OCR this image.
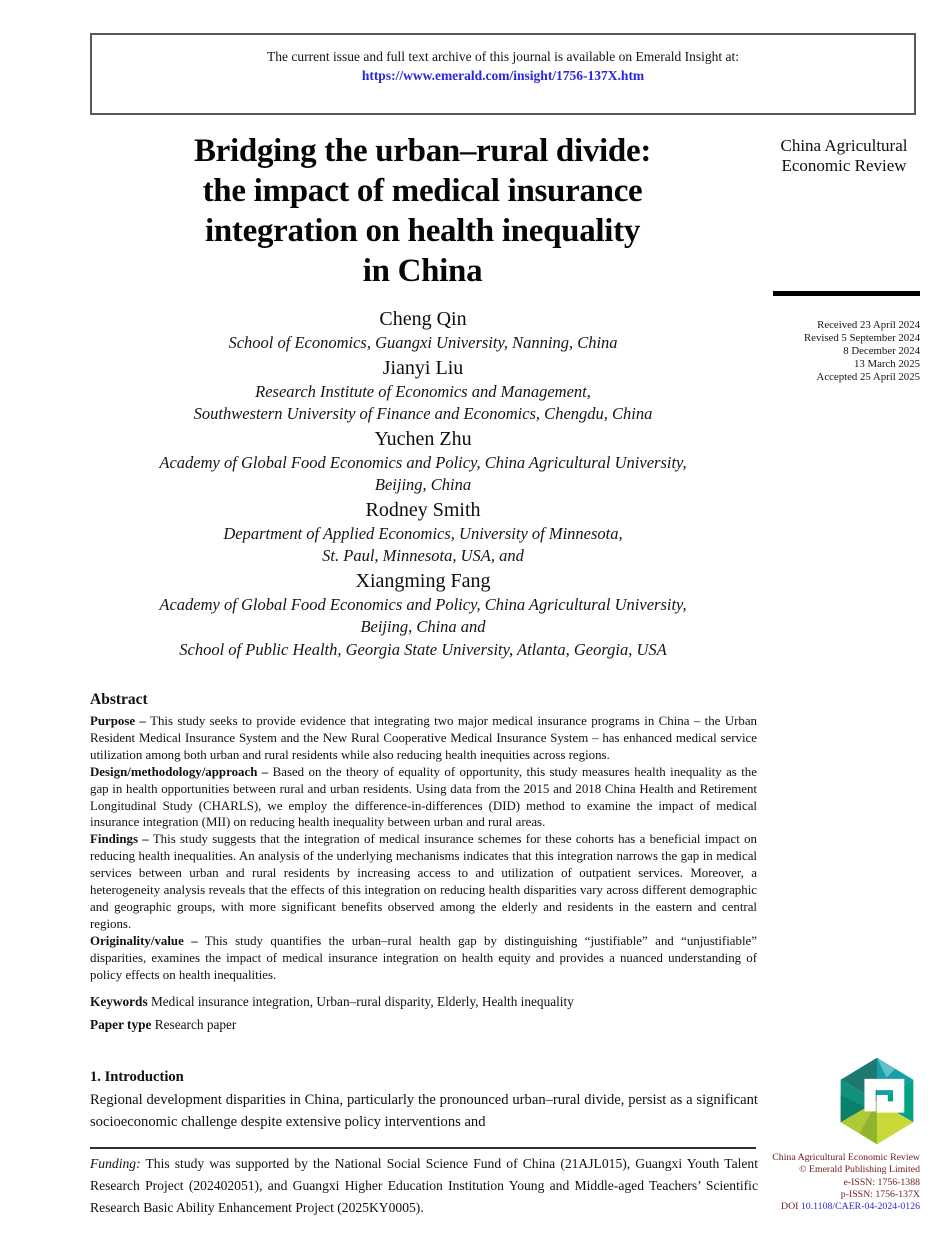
The current issue and full text archive of this journal is available on Emerald Insight at:
https://www.emerald.com/insight/1756-137X.htm
Bridging the urban–rural divide:
the impact of medical insurance
integration on health inequality
in China
Cheng Qin
School of Economics, Guangxi University, Nanning, China
Jianyi Liu
Research Institute of Economics and Management,
Southwestern University of Finance and Economics, Chengdu, China
Yuchen Zhu
Academy of Global Food Economics and Policy, China Agricultural University,
Beijing, China
Rodney Smith
Department of Applied Economics, University of Minnesota,
St. Paul, Minnesota, USA, and
Xiangming Fang
Academy of Global Food Economics and Policy, China Agricultural University,
Beijing, China and
School of Public Health, Georgia State University, Atlanta, Georgia, USA
China Agricultural Economic Review
Received 23 April 2024
Revised 5 September 2024
8 December 2024
13 March 2025
Accepted 25 April 2025
Abstract

Purpose – This study seeks to provide evidence that integrating two major medical insurance programs in China – the Urban Resident Medical Insurance System and the New Rural Cooperative Medical Insurance System – has enhanced medical service utilization among both urban and rural residents while also reducing health inequities across regions.

Design/methodology/approach – Based on the theory of equality of opportunity, this study measures health inequality as the gap in health opportunities between rural and urban residents. Using data from the 2015 and 2018 China Health and Retirement Longitudinal Study (CHARLS), we employ the difference-in-differences (DID) method to examine the impact of medical insurance integration (MII) on reducing health inequality between urban and rural areas.

Findings – This study suggests that the integration of medical insurance schemes for these cohorts has a beneficial impact on reducing health inequalities. An analysis of the underlying mechanisms indicates that this integration narrows the gap in medical services between urban and rural residents by increasing access to and utilization of outpatient services. Moreover, a heterogeneity analysis reveals that the effects of this integration on reducing health disparities vary across different demographic and geographic groups, with more significant benefits observed among the elderly and residents in the eastern and central regions.

Originality/value – This study quantifies the urban–rural health gap by distinguishing “justifiable” and “unjustifiable” disparities, examines the impact of medical insurance integration on health equity and provides a nuanced understanding of policy effects on health inequalities.

Keywords Medical insurance integration, Urban–rural disparity, Elderly, Health inequality

Paper type Research paper

1. Introduction

Regional development disparities in China, particularly the pronounced urban–rural divide, persist as a significant socioeconomic challenge despite extensive policy interventions and

Funding: This study was supported by the National Social Science Fund of China (21AJL015), Guangxi Youth Talent Research Project (202402051), and Guangxi Higher Education Institution Young and Middle-aged Teachers’ Scientific Research Basic Ability Enhancement Project (2025KY0005).
China Agricultural Economic Review
© Emerald Publishing Limited
e-ISSN: 1756-1388
p-ISSN: 1756-137X
DOI 10.1108/CAER-04-2024-0126
